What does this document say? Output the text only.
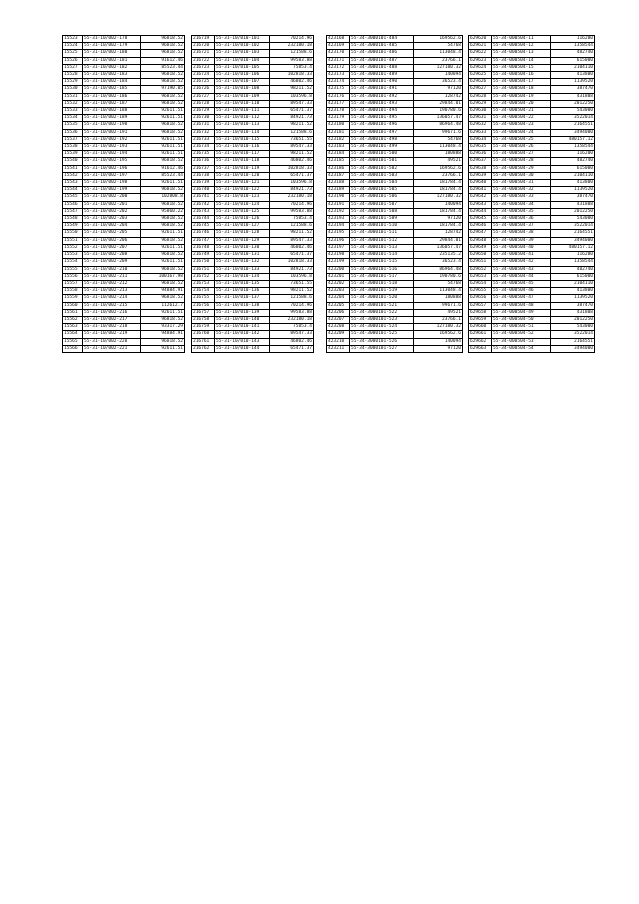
15523	55-31-10/002-178	96818.52
15524	55-31-10/002-179	96818.52
15525	55-31-10/002-180	96818.52
15526	55-31-10/002-181	91612.46
15527	55-31-10/002-182	85523.44
15528	55-31-10/002-183	96818.52
15529	55-31-10/002-184	96818.52
15530	55-31-10/002-185	97190.05
15531	55-31-10/002-186	96818.52
15532	55-31-10/002-187	96818.52
15533	55-31-10/002-188	92611.51
15534	55-31-10/002-189	92611.51
15535	55-31-10/002-190	96818.52
15536	55-31-10/002-191	96818.52
15537	55-31-10/002-192	92611.51
15538	55-31-10/002-193	92611.51
15539	55-31-10/002-194	92611.51
15540	55-31-10/002-195	96818.52
15541	55-31-10/002-196	91612.46
15542	55-31-10/002-197	85523.44
15543	55-31-10/002-198	92611.51
15544	55-31-10/002-199	96818.52
15545	55-31-10/002-200	102808.8
15546	55-31-10/002-201	96818.52
15547	55-31-10/002-202	95860.22
15548	55-31-10/002-203	96818.52
15549	55-31-10/002-204	96818.52
15550	55-31-10/002-205	92611.51
15551	55-31-10/002-206	96818.52
15552	55-31-10/002-207	92611.51
15553	55-31-10/002-208	96818.52
15554	55-31-10/002-209	92611.51
15555	55-31-10/002-210	96818.52
15556	55-31-10/002-211	100167.98
15557	55-31-10/002-212	96818.52
15558	55-31-10/002-213	94884.91
15559	55-31-10/002-214	96818.52
15560	55-31-10/002-215	112612.7
15561	55-31-10/002-216	92611.51
15562	55-31-10/002-217	96818.52
15563	55-31-10/002-218	93317.29
15564	55-31-10/002-219	94884.91
15565	55-31-10/002-220	96818.52
15566	55-31-10/002-221	92611.51
216719	55-31-10/010-101	70214.96
216720	55-31-10/010-102	232180.18
216721	55-31-10/010-103	121588.6
216722	55-31-10/010-104	99583.88
216723	55-31-10/010-105	75853.4
216724	55-31-10/010-106	102818.33
216725	55-31-10/010-107	46802.46
216726	55-31-10/010-108	98211.52
216727	55-31-10/010-109	103596.8
216728	55-31-10/010-110	89547.33
216729	55-31-10/010-111	65471.37
216730	55-31-10/010-112	84921.73
216731	55-31-10/010-113	98211.52
216732	55-31-10/010-114	121588.6
216733	55-31-10/010-115	73651.55
216734	55-31-10/010-116	89547.33
216735	55-31-10/010-117	98211.52
216736	55-31-10/010-118	46802.46
216737	55-31-10/010-119	102818.33
216738	55-31-10/010-120	65471.37
216739	55-31-10/010-121	103596.8
216740	55-31-10/010-122	84921.73
216741	55-31-10/010-123	232180.18
216742	55-31-10/010-124	70214.96
216743	55-31-10/010-125	99583.88
216744	55-31-10/010-126	75853.4
216745	55-31-10/010-127	121588.6
216746	55-31-10/010-128	98211.52
216747	55-31-10/010-129	89547.33
216748	55-31-10/010-130	46802.46
216749	55-31-10/010-131	65471.37
216750	55-31-10/010-132	102818.33
216751	55-31-10/010-133	84921.73
216752	55-31-10/010-134	103596.8
216753	55-31-10/010-135	73651.55
216754	55-31-10/010-136	98211.52
216755	55-31-10/010-137	121588.6
216756	55-31-10/010-138	70214.96
216757	55-31-10/010-139	99583.88
216758	55-31-10/010-140	232180.18
216759	55-31-10/010-141	75853.4
216760	55-31-10/010-142	89547.33
216761	55-31-10/010-143	46802.46
216762	55-31-10/010-144	65471.37
423168	55-34-3000101-484	169562.6
423169	55-34-3000101-485	54768
423170	55-34-3000101-486	113048.4
423171	55-34-3000101-487	23766.1
423172	55-34-3000101-488	127180.32
423173	55-34-3000101-489	140094
423174	55-34-3000101-490	36523.4
423175	55-34-3000101-491	97120
423176	55-34-3000101-492	128742
423177	55-34-3000101-493	29844.01
423178	55-34-3000101-494	190780.6
423179	55-34-3000101-495	136057.47
423180	55-34-3000101-496	86964.48
423181	55-34-3000101-497	99671.6
423182	55-34-3000101-498	54768
423183	55-34-3000101-499	113048.4
423184	55-34-3000101-500	180888
423185	55-34-3000101-501	49521
423186	55-34-3000101-502	169562.6
423187	55-34-3000101-503	23766.1
423188	55-34-3000101-504	181784.4
423189	55-34-3000101-505	181784.4
423190	55-34-3000101-506	127180.32
423191	55-34-3000101-507	140094
423192	55-34-3000101-508	181784.4
423193	55-34-3000101-509	97120
423194	55-34-3000101-510	181784.4
423195	55-34-3000101-511	128742
423196	55-34-3000101-512	29844.01
423197	55-34-3000101-513	136057.47
423198	55-34-3000101-514	235135.2
423199	55-34-3000101-515	36523.4
423200	55-34-3000101-516	86964.48
423201	55-34-3000101-517	190780.6
423202	55-34-3000101-518	54768
423203	55-34-3000101-519	113048.4
423204	55-34-3000101-520	180888
423205	55-34-3000101-521	99671.6
423206	55-34-3000101-522	49521
423207	55-34-3000101-523	23766.1
423208	55-34-3000101-524	127180.32
423209	55-34-3000101-525	169562.6
423210	55-34-3000101-526	140094
423211	55-34-3000101-527	97120
629620	55-34-000504-11	116200
629621	55-34-000504-12	1358544
629622	55-34-000504-13	482740
629623	55-34-000504-14	615000
629624	55-34-000504-15	2104110
629625	55-34-000504-16	413800
629626	55-34-000504-17	1139520
629627	55-34-000504-18	387470
629628	55-34-000504-19	431808
629629	55-34-000504-20	2012250
629630	55-34-000504-21	543000
629631	55-34-000504-22	3522014
629632	55-34-000504-23	2164551
629633	55-34-000504-24	3494000
629634	55-34-000504-25	480157.12
629635	55-34-000504-26	1358544
629636	55-34-000504-27	116200
629637	55-34-000504-28	482740
629638	55-34-000504-29	615000
629639	55-34-000504-30	2104110
629640	55-34-000504-31	413800
629641	55-34-000504-32	1139520
629642	55-34-000504-33	387470
629643	55-34-000504-34	431808
629644	55-34-000504-35	2012250
629645	55-34-000504-36	543000
629646	55-34-000504-37	3522014
629647	55-34-000504-38	2164551
629648	55-34-000504-39	3494000
629649	55-34-000504-40	480157.12
629650	55-34-000504-41	116200
629651	55-34-000504-42	1358544
629652	55-34-000504-43	482740
629653	55-34-000504-44	615000
629654	55-34-000504-45	2104110
629655	55-34-000504-46	413800
629656	55-34-000504-47	1139520
629657	55-34-000504-48	387470
629658	55-34-000504-49	431808
629659	55-34-000504-50	2012250
629660	55-34-000504-51	543000
629661	55-34-000504-52	3522014
629662	55-34-000504-53	2164551
629663	55-34-000504-54	3494000
